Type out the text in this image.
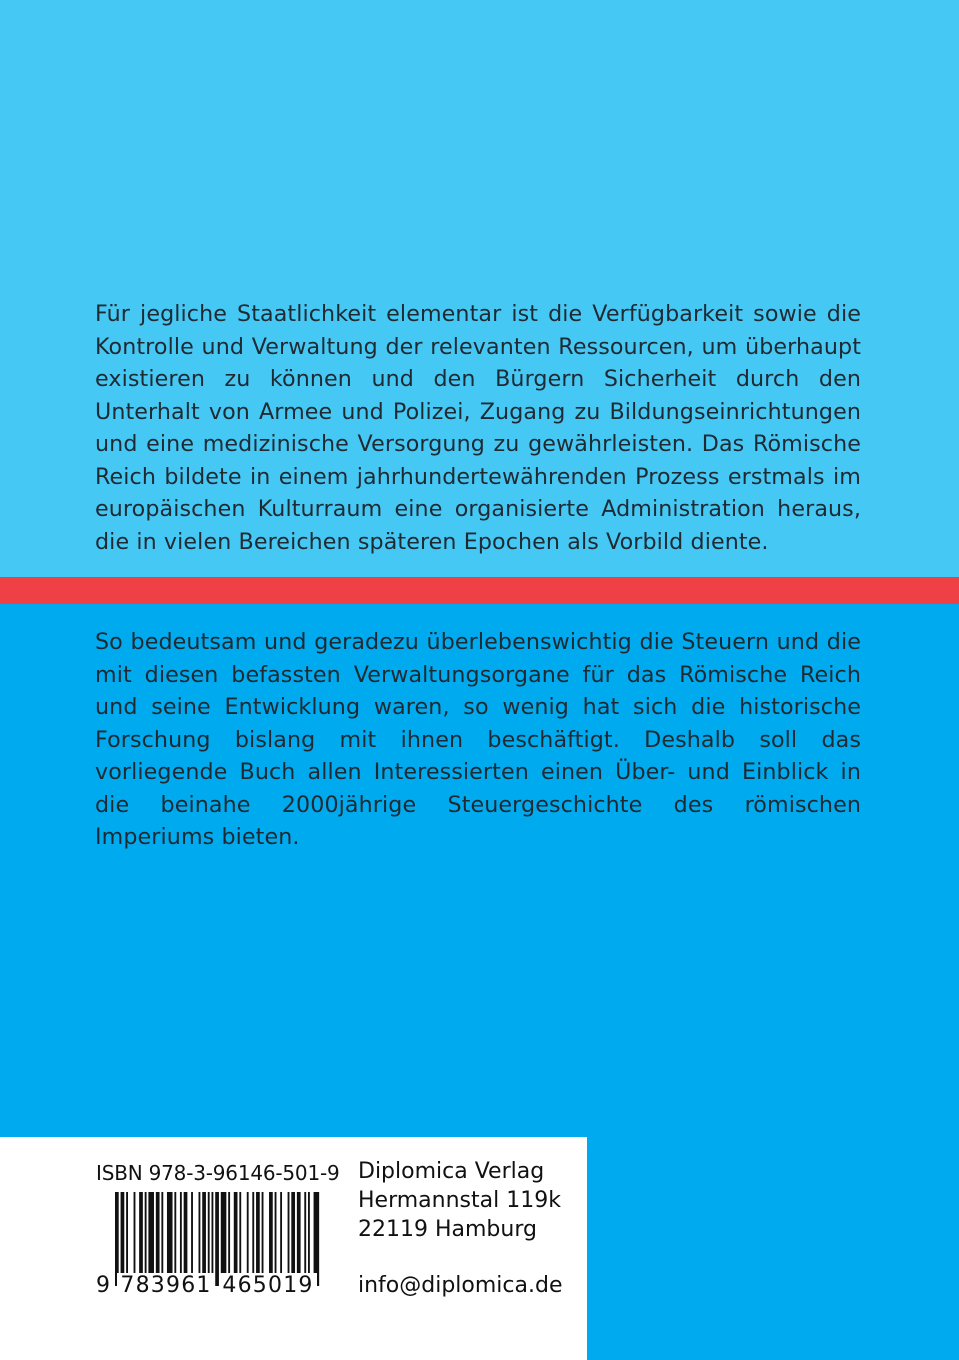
Für jegliche Staatlichkeit elementar ist die Verfügbarkeit sowie die Kontrolle und Verwaltung der relevanten Ressourcen, um überhaupt existieren zu können und den Bürgern Sicherheit durch den Unterhalt von Armee und Polizei, Zugang zu Bildungseinrichtungen und eine medizinische Versorgung zu gewährleisten. Das Römische Reich bildete in einem jahrhundertewährenden Prozess erstmals im europäischen Kulturraum eine organisierte Administration heraus, die in vielen Bereichen späteren Epochen als Vorbild diente.

So bedeutsam und geradezu überlebenswichtig die Steuern und die mit diesen befassten Verwaltungsorgane für das Römische Reich und seine Entwicklung waren, so wenig hat sich die historische Forschung bislang mit ihnen beschäftigt. Deshalb soll das vorliegende Buch allen Interessierten einen Über- und Einblick in die beinahe 2000jährige Steuergeschichte des römischen Imperiums bieten.

ISBN 978-3-96146-501-9
9 783961 465019
Diplomica Verlag
Hermannstal 119k
22119 Hamburg
info@diplomica.de
